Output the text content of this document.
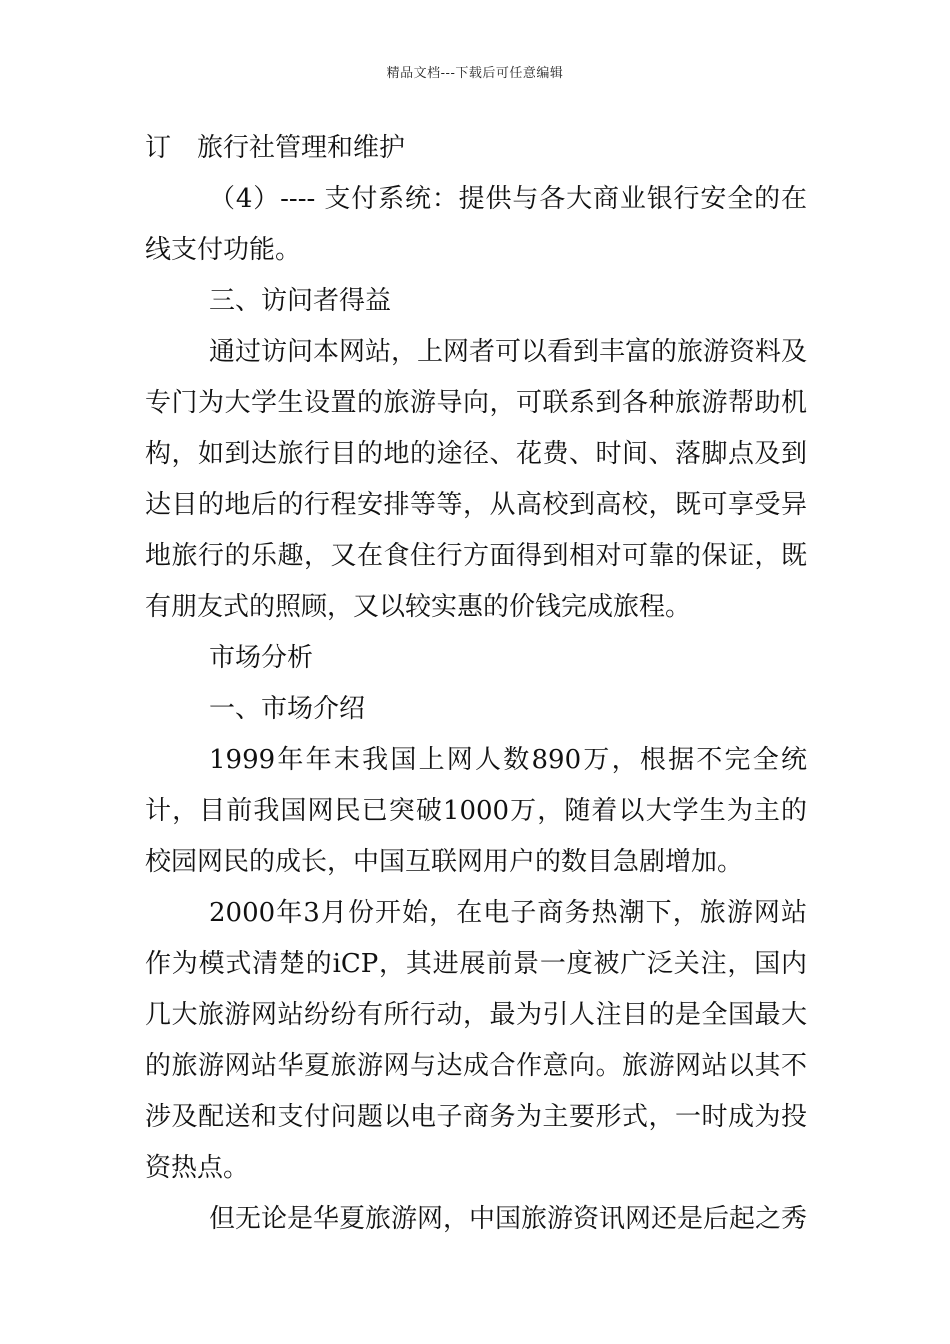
精品文档---下载后可任意编辑

订　旅行社管理和维护

（4）---- 支付系统：提供与各大商业银行安全的在线支付功能。

三、访问者得益

通过访问本网站，上网者可以看到丰富的旅游资料及专门为大学生设置的旅游导向，可联系到各种旅游帮助机构，如到达旅行目的地的途径、花费、时间、落脚点及到达目的地后的行程安排等等，从高校到高校，既可享受异地旅行的乐趣，又在食住行方面得到相对可靠的保证，既有朋友式的照顾，又以较实惠的价钱完成旅程。

市场分析

一、市场介绍

1999年年末我国上网人数890万，根据不完全统计，目前我国网民已突破1000万，随着以大学生为主的校园网民的成长，中国互联网用户的数目急剧增加。

2000年3月份开始，在电子商务热潮下，旅游网站作为模式清楚的iCP，其进展前景一度被广泛关注，国内几大旅游网站纷纷有所行动，最为引人注目的是全国最大的旅游网站华夏旅游网与达成合作意向。旅游网站以其不涉及配送和支付问题以电子商务为主要形式，一时成为投资热点。

但无论是华夏旅游网，中国旅游资讯网还是后起之秀
